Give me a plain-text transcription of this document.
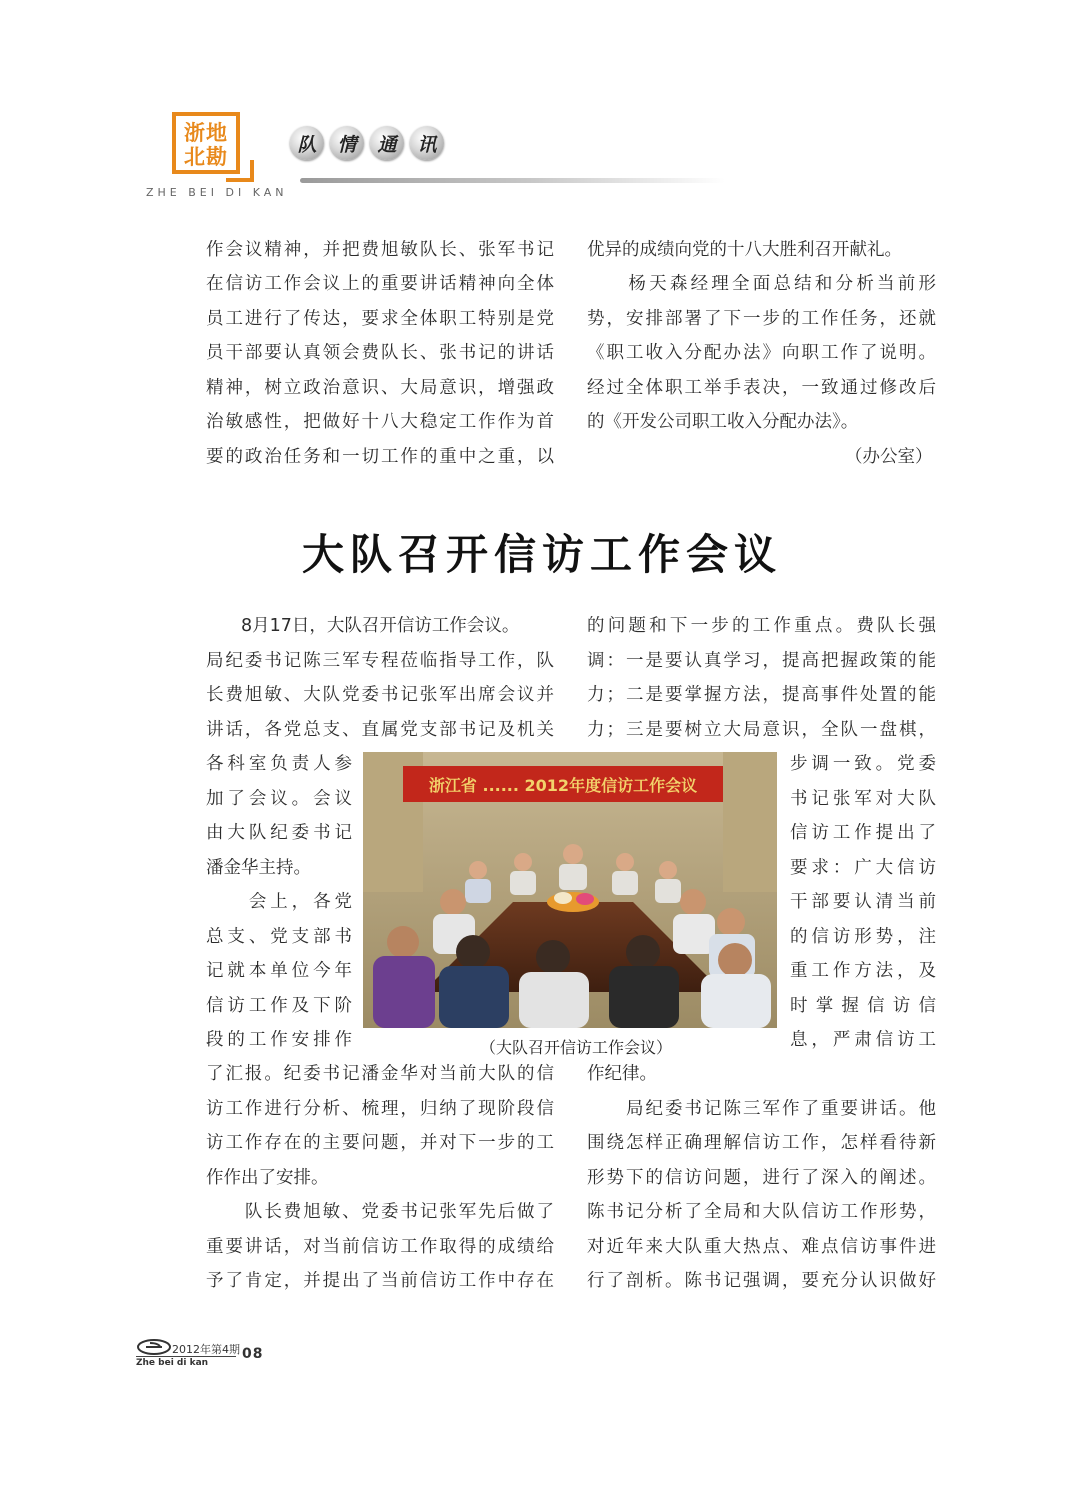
浙地
北勘
ZHE BEI DI KAN
队	情	通	讯
作会议精神，并把费旭敏队长、张军书记
在信访工作会议上的重要讲话精神向全体
员工进行了传达，要求全体职工特别是党
员干部要认真领会费队长、张书记的讲话
精神，树立政治意识、大局意识，增强政
治敏感性，把做好十八大稳定工作作为首
要的政治任务和一切工作的重中之重，以
优异的成绩向党的十八大胜利召开献礼。
　　杨天森经理全面总结和分析当前形
势，安排部署了下一步的工作任务，还就
《职工收入分配办法》向职工作了说明。
经过全体职工举手表决，一致通过修改后
的《开发公司职工收入分配办法》。
（办公室）
大队召开信访工作会议
　　8月17日，大队召开信访工作会议。
局纪委书记陈三军专程莅临指导工作，队
长费旭敏、大队党委书记张军出席会议并
讲话，各党总支、直属党支部书记及机关
各科室负责人参
加了会议。会议
由大队纪委书记
潘金华主持。
　　会上，各党
总支、党支部书
记就本单位今年
信访工作及下阶
段的工作安排作
了汇报。纪委书记潘金华对当前大队的信
访工作进行分析、梳理，归纳了现阶段信
访工作存在的主要问题，并对下一步的工
作作出了安排。
　　队长费旭敏、党委书记张军先后做了
重要讲话，对当前信访工作取得的成绩给
予了肯定，并提出了当前信访工作中存在
的问题和下一步的工作重点。费队长强
调：一是要认真学习，提高把握政策的能
力；二是要掌握方法，提高事件处置的能
力；三是要树立大局意识，全队一盘棋，
步调一致。党委
书记张军对大队
信访工作提出了
要求：广大信访
干部要认清当前
的信访形势，注
重工作方法，及
时掌握信访信
息，严肃信访工
作纪律。
　　局纪委书记陈三军作了重要讲话。他
围绕怎样正确理解信访工作，怎样看待新
形势下的信访问题，进行了深入的阐述。
陈书记分析了全局和大队信访工作形势，
对近年来大队重大热点、难点信访事件进
行了剖析。陈书记强调，要充分认识做好
浙江省 ...... 2012年度信访工作会议
（大队召开信访工作会议）
2012年第4期 08
Zhe bei di kan
